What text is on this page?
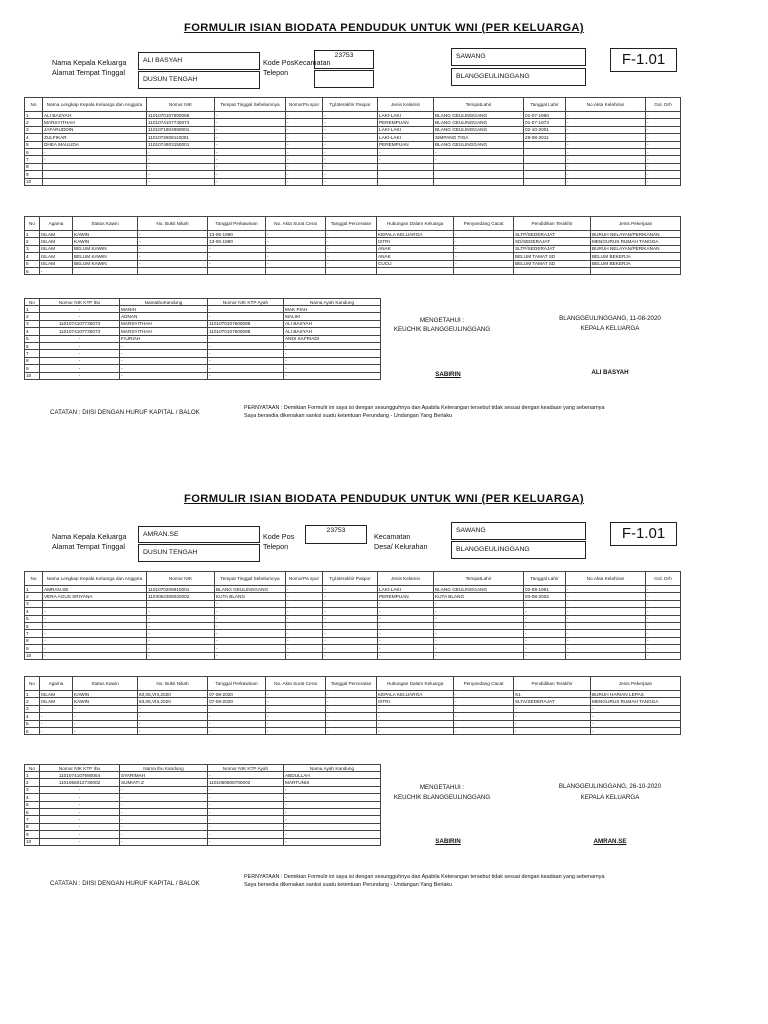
FORMULIR ISIAN BIODATA PENDUDUK UNTUK WNI (PER KELUARGA)
Nama Kepala Keluarga
Alamat Tempat Tinggal
ALI BASYAH
DUSUN TENGAH
Kode PosKecamatan
Telepon
23753	SAWANG
BLANGGEULINGGANG
F-1.01
No	Nama Lengkap Kepala Keluarga dan Anggota	Nomor NIK	Tempat Tinggal Sebelumnya	NomorPa spor	Tgl.Berakhir Paspor	Jenis Kelamin	TempatLahir	Tanggal Lahir	No.Akta Kelahiran	Gol. Drh
1	ALI BASYAH	1101070107600088	-	-	-	LAKI-LAKI	BLANG GEULINGGANG	01-07-1960	-	-
2	MARSYITHAH	1101074107730073	-	-	-	PEREMPUAN	BLANG GEULINGGANG	01-07-1973	-	-
3	JAFARUDDIN	1101071804950001	-	-	-	LAKI-LAKI	BLANG GEULINGGANG	02-10-2001	-	-
4	ZULFIKAR	1101072608110001	-	-	-	LAKI-LAKI	SIMPANG TIGA	28-08-2011	-	-
5	DHEA MAULIDA	1101074803150001	-	-	-	PEREMPUAN	BLANG GEULINGGANG		-	-
6	-	-	-	-	-	-	-		-	-
7	-	-	-	-	-	-	-		-	-
8		-	-	-	-				-	-
9		-	-	-	-				-	-
10		-	-	-	-				-	-
No	Agama	Status Kawin	No. Bukti Nikah	Tanggal Perkawinan	No. Akta Surat Cerai	Tanggal Perceraian	Hubungan Dalam Keluarga	Penyandang Cacat	Pendidikan Terakhir	Jenis Pekerjaan
1	ISLAM	KAWIN	-	13-05-1990	-	-	KEPALA KELUARGA	-	SLTP/SEDERAJAT	BURUH NELAYAN/PERIKANAN
2	ISLAM	KAWIN	-	13-05-1990	-	-	ISTRI	-	SD/SEDERAJAT	MENGURUS RUMAH TANGGA
3	ISLAM	BELUM KAWIN	-	-	-	-	ANAK	-	SLTP/SEDERAJAT	BURUH NELAYAN/PERIKANAN
4	ISLAM	BELUM KAWIN	-	-	-	-	ANAK	-	BELUM TAMAT SD	BELUM BEKERJA
5	ISLAM	BELUM KAWIN	-	-	-	-	CUCU	-	BELUM TAMAT SD	BELUM BEKERJA
6	-									
No	Nomor NIK KTP Ibu	NamaIbuKandung	Nomor NIK KTP Ayah	Nama Ayah Kandung
1	-	MANIH	-	MAK PIAH
2	-	ADNAN	-	MALIKI
3	1101074107730073	MARSYITHAH	1101070107600088	ALI BASYAH
4	1101074107730073	MARSYITHAH	1101070107600088	ALI BASYAH
5	-	FAJRIAH	-	ANDI SAFRIADI
6	-	-	-	-
7	-	-	-	-
8	-	-	-	-
9	-	-	-	-
10	-	-	-	-
MENGETAHUI :
KEUCHIK BLANGGEULINGGANG
SABIRIN
BLANGGEULINGGANG, 11-08-2020
KEPALA KELUARGA
ALI BASYAH
CATATAN : DIISI DENGAN HURUF KAPITAL / BALOK
PERNYATAAN : Demikian Formulir ini saya isi dengan sesungguhnya dan Apabila Keterangan tersebut tidak sesuai dengan keadaan yang sebenarnya
Saya bersedia dikenakan sanksi suatu ketentuan Perundang - Undangan Yang Berlaku
FORMULIR ISIAN BIODATA PENDUDUK UNTUK WNI (PER KELUARGA)
Nama Kepala Keluarga
Alamat Tempat Tinggal
AMRAN.SE
DUSUN TENGAH
Kode Pos
Telepon
23753
Kecamatan
Desa/ Kelurahan
SAWANG
BLANGGEULINGGANG
F-1.01
No	Nama Lengkap Kepala Keluarga dan Anggota	Nomor NIK	Tempat Tinggal Sebelumnya	NomorPa spor	Tgl.Berakhir Paspor	Jenis Kelamin	TempatLahir	Tanggal Lahir	No.Akta Kelahiran	Gol. Drh
1	AMRAN.SE	1101070209910001	BLANG GEULINGGANG	-	-	LAKI-LAKI	BLANG GEULINGGANG	02-09-1991	-	-
2	VERA AGUS SRIYANA	1103064308020002	KUTA BLANG	-	-	PEREMPUAN	KUTA BLANG	03-08-2002	-	-
3	-	-	-	-	-	-	-	-	-	-
4	-	-	-	-	-	-	-	-	-	-
5	-	-	-	-	-	-	-	-	-	-
6	-	-	-	-	-	-	-	-	-	-
7	-	-	-	-	-	-	-	-	-	-
8	-	-	-	-	-	-	-	-	-	-
9	-	-	-	-	-	-	-	-	-	-
10	-	-	-	-	-	-	-	-	-	-
No	Agama	Status Kawin	No. Bukti Nikah	Tanggal Perkawinan	No. Akta Surat Cerai	Tanggal Perceraian	Hubungan Dalam Keluarga	Penyandang Cacat	Pendidikan Terakhir	Jenis Pekerjaan
1	ISLAM	KAWIN	83,05,VIII,2020	07-08-2020	-	-	KEPALA KELUARGA	-	S1	BURUH HARIAN LEPAS
2	ISLAM	KAWIN	83,05,VIII,2020	07-08-2020	-	-	ISTRI	-	SLTA/SEDERAJAT	MENGURUS RUMAH TANGGA
3	-	-	-	-	-	-	-	-	-	-
4	-	-	-	-	-	-	-	-	-	-
5	-	-	-	-	-	-	-	-	-	-
6	-	-	-	-	-	-	-	-	-	-
No	Nomor NIK KTP Ibu	Nama Ibu Kandung	Nomor NIK KTP Ayah	Nama Ayah Kandung
1	1101074107690064	SYARIMAH	-	ABDULLAH
2	1101066012730002	SUMIATI Z	1101060808700002	MARTUNIS
3	-	-	-	-
4	-	-	-	-
5	-	-	-	-
6	-	-	-	-
7	-	-	-	-
8	-	-	-	-
9	-	-	-	-
10	-	-	-	-
MENGETAHUI :
KEUCHIK BLANGGEULINGGANG
SABIRIN
BLANGGEULINGGANG, 26-10-2020
KEPALA KELUARGA
AMRAN.SE
CATATAN : DIISI DENGAN HURUF KAPITAL / BALOK
PERNYATAAN : Demikian Formulir ini saya isi dengan sesungguhnya dan Apabila Keterangan tersebut tidak sesuai dengan keadaan yang sebenarnya
Saya bersedia dikenakan sanksi suatu ketentuan Perundang - Undangan Yang Berlaku
